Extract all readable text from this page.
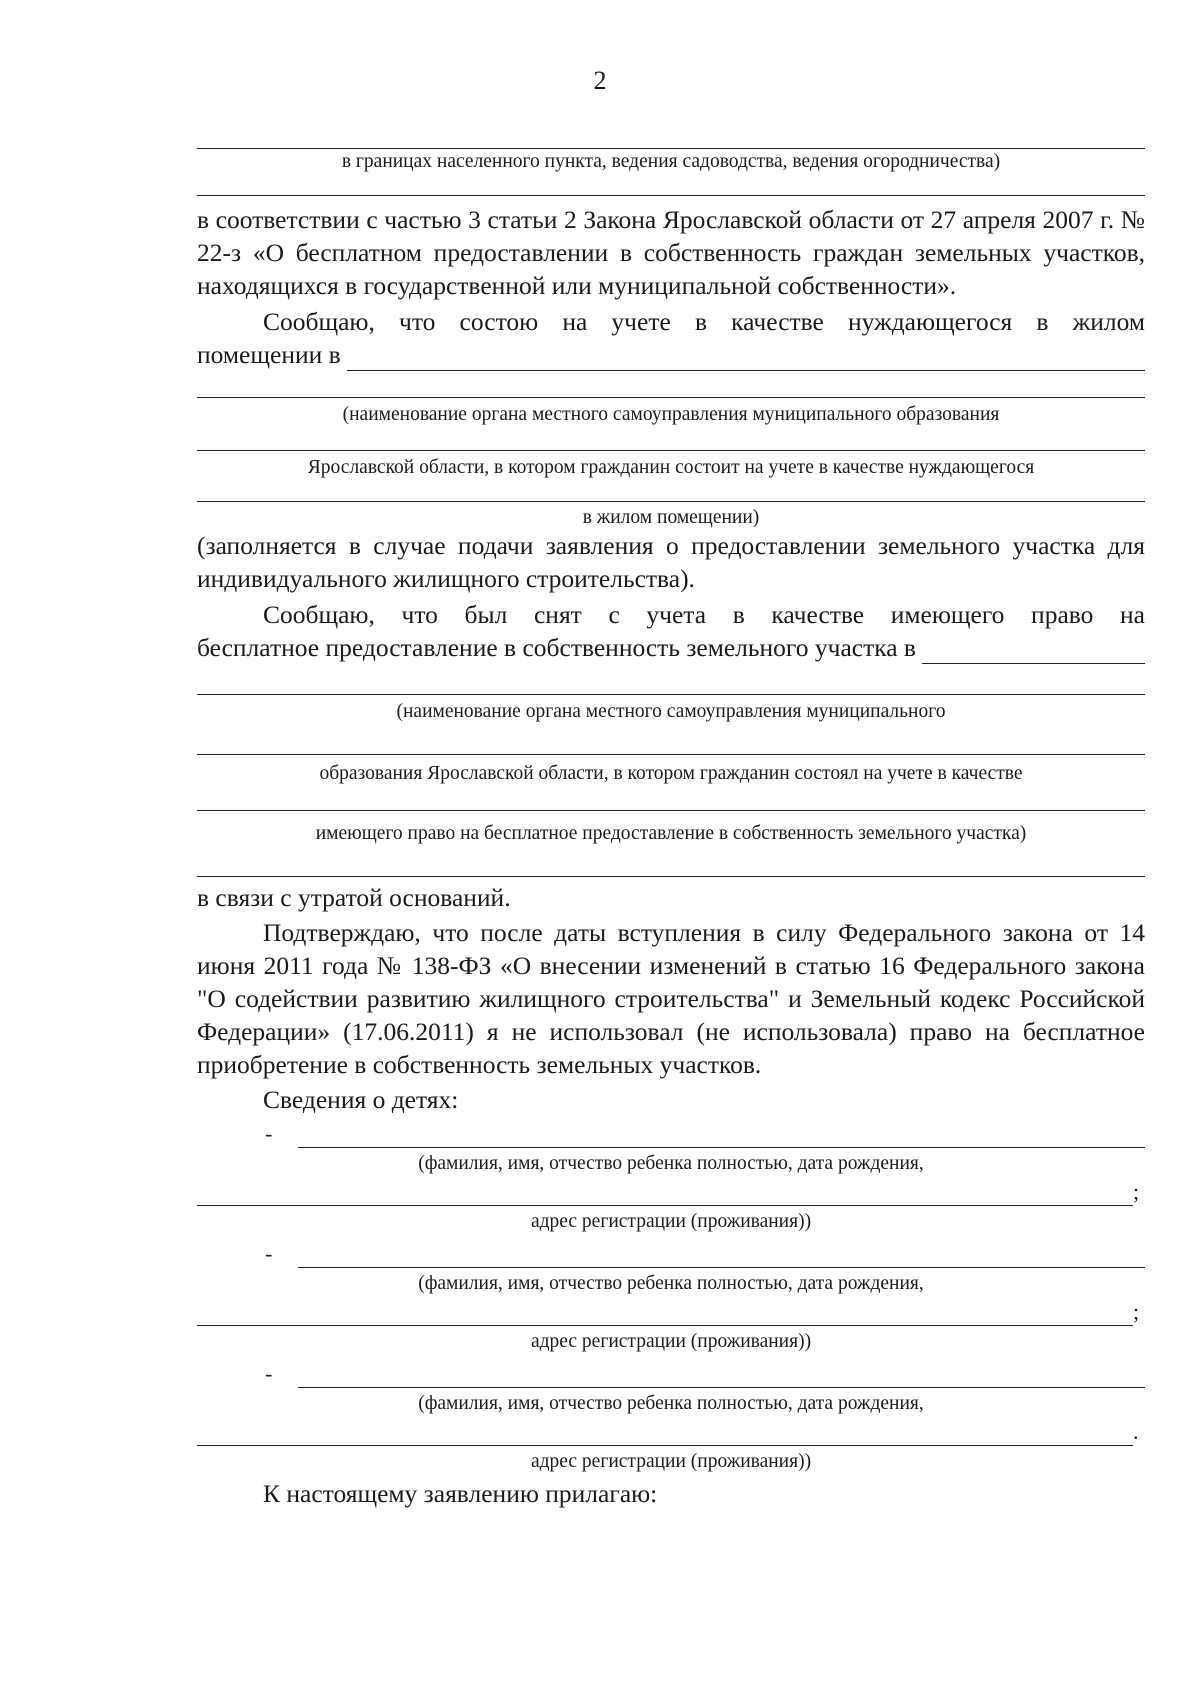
2
в границах населенного пункта, ведения садоводства, ведения огородничества)
в соответствии с частью 3 статьи 2 Закона Ярославской области от 27 апреля 2007 г. № 22-з «О бесплатном предоставлении в собственность граждан земельных участков, находящихся в государственной или муниципальной собственности».
Сообщаю, что состою на учете в качестве нуждающегося в жилом
помещении в
(наименование органа местного самоуправления муниципального образования
Ярославской области, в котором гражданин состоит на учете в качестве нуждающегося
в жилом помещении)
(заполняется в случае подачи заявления о предоставлении земельного участка для индивидуального жилищного строительства).
Сообщаю, что был снят с учета в качестве имеющего право на
бесплатное предоставление в собственность земельного участка в
(наименование органа местного самоуправления муниципального
образования Ярославской области, в котором гражданин состоял на учете в качестве
имеющего право на бесплатное предоставление в собственность земельного участка)
в связи с утратой оснований.
Подтверждаю, что после даты вступления в силу Федерального закона от 14 июня 2011 года № 138-ФЗ «О внесении изменений в статью 16 Федерального закона "О содействии развитию жилищного строительства" и Земельный кодекс Российской Федерации» (17.06.2011) я не использовал (не использовала) право на бесплатное приобретение в собственность земельных участков.
Сведения о детях:
-
(фамилия, имя, отчество ребенка полностью, дата рождения,
;
адрес регистрации (проживания))
-
(фамилия, имя, отчество ребенка полностью, дата рождения,
;
адрес регистрации (проживания))
-
(фамилия, имя, отчество ребенка полностью, дата рождения,
.
адрес регистрации (проживания))
К настоящему заявлению прилагаю:
